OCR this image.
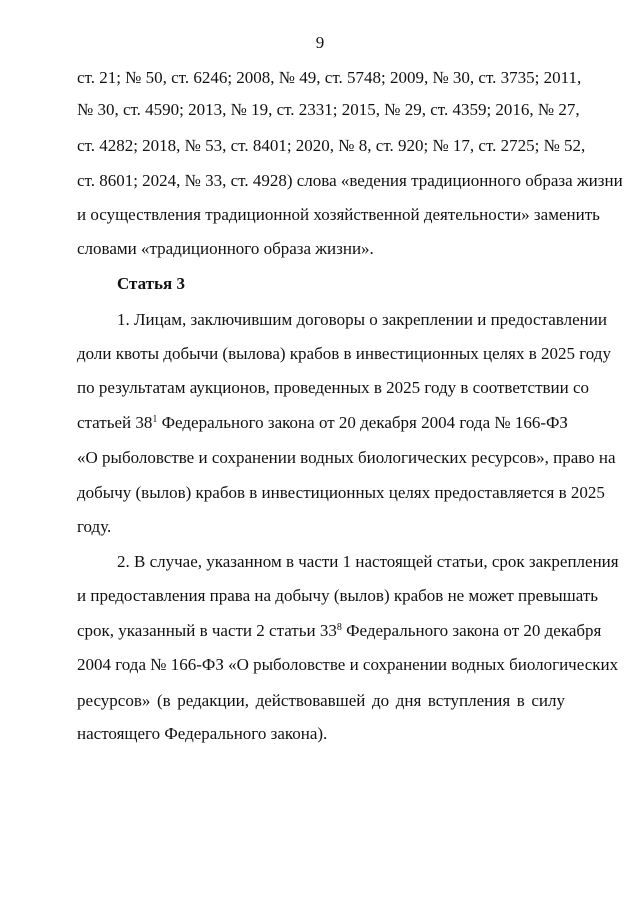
9
ст. 21; № 50, ст. 6246; 2008, № 49, ст. 5748; 2009, № 30, ст. 3735; 2011,
№ 30, ст. 4590; 2013, № 19, ст. 2331; 2015, № 29, ст. 4359; 2016, № 27,
ст. 4282; 2018, № 53, ст. 8401; 2020, № 8, ст. 920; № 17, ст. 2725; № 52,
ст. 8601; 2024, № 33, ст. 4928) слова «ведения традиционного образа жизни
и осуществления традиционной хозяйственной деятельности» заменить
словами «традиционного образа жизни».
Статья 3
1. Лицам, заключившим договоры о закреплении и предоставлении
доли квоты добычи (вылова) крабов в инвестиционных целях в 2025 году
по результатам аукционов, проведенных в 2025 году в соответствии со
статьей $38^1$ Федерального закона от 20 декабря 2004 года № 166-ФЗ
«О рыболовстве и сохранении водных биологических ресурсов», право на
добычу (вылов) крабов в инвестиционных целях предоставляется в 2025
году.
2. В случае, указанном в части 1 настоящей статьи, срок закрепления
и предоставления права на добычу (вылов) крабов не может превышать
срок, указанный в части 2 статьи $33^8$ Федерального закона от 20 декабря
2004 года № 166-ФЗ «О рыболовстве и сохранении водных биологических
ресурсов» (в редакции, действовавшей до дня вступления в силу
настоящего Федерального закона).
